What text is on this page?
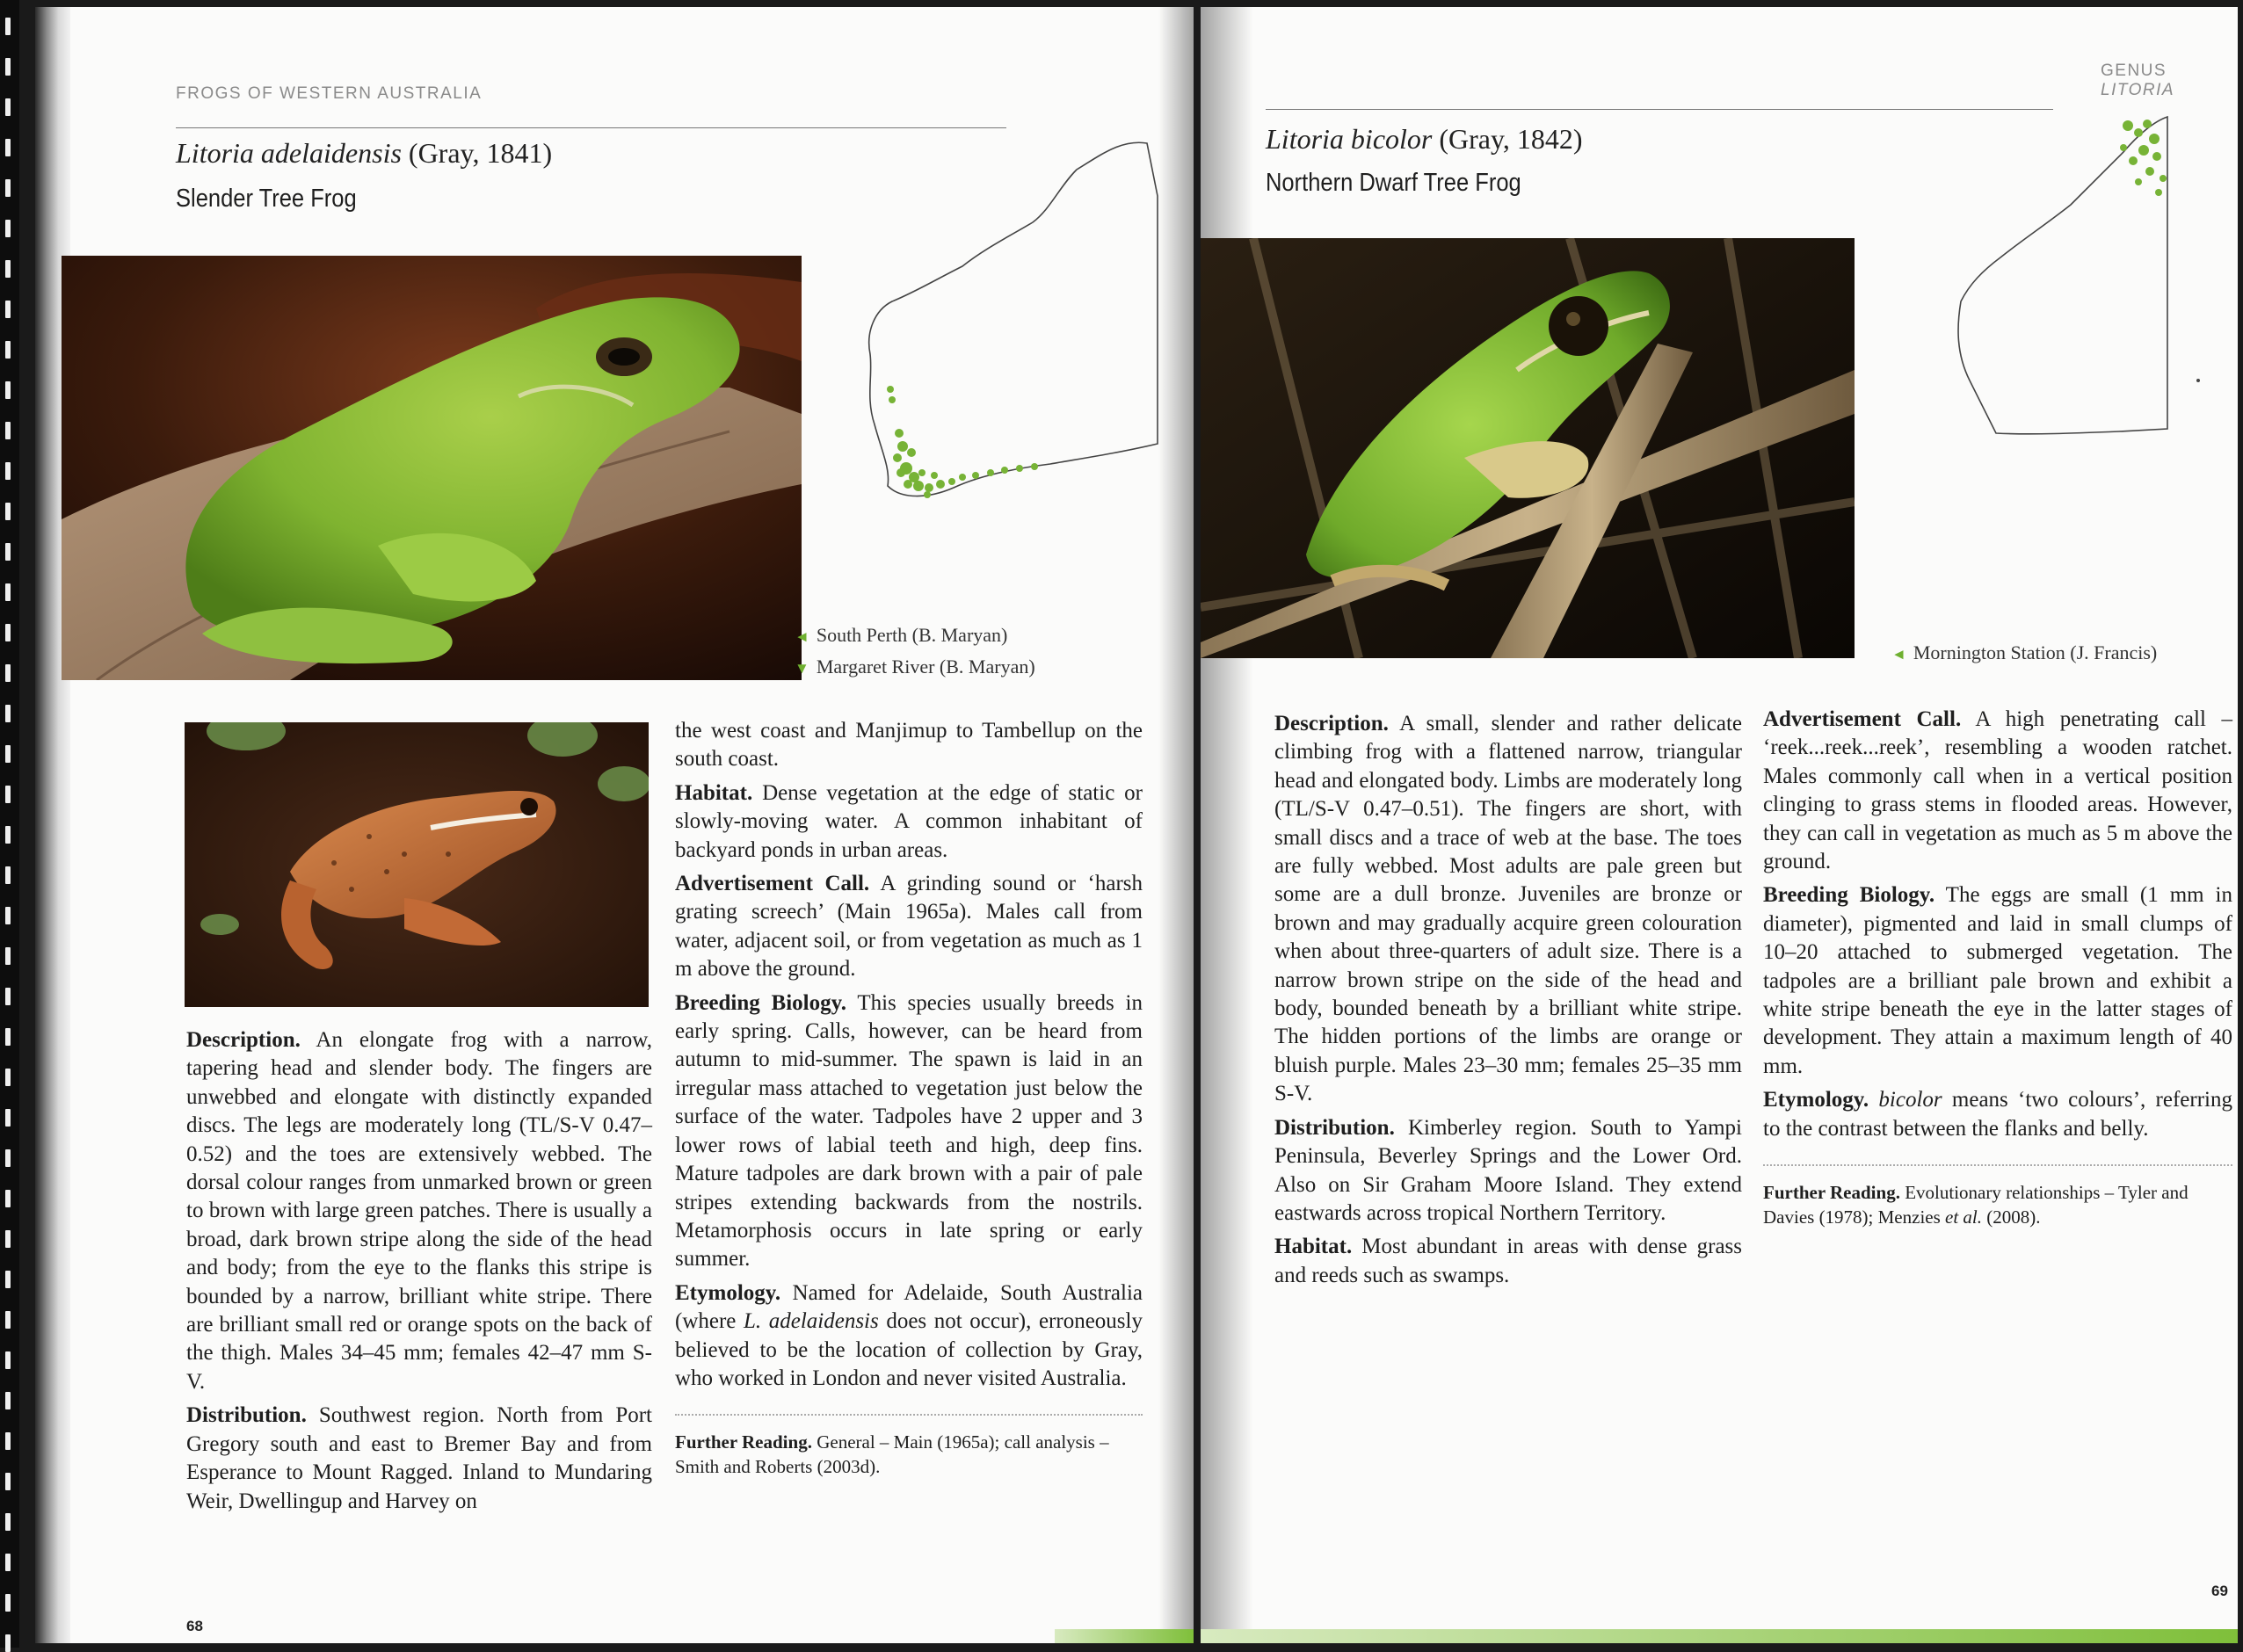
FROGS OF WESTERN AUSTRALIA
Litoria adelaidensis (Gray, 1841)
Slender Tree Frog
◄ South Perth (B. Maryan)
▼ Margaret River (B. Maryan)

Description. An elongate frog with a narrow, tapering head and slender body. The fingers are unwebbed and elongate with distinctly expanded discs. The legs are moderately long (TL/S-V 0.47–0.52) and the toes are extensively webbed. The dorsal colour ranges from unmarked brown or green to brown with large green patches. There is usually a broad, dark brown stripe along the side of the head and body; from the eye to the flanks this stripe is bounded by a narrow, brilliant white stripe. There are brilliant small red or orange spots on the back of the thigh. Males 34–45 mm; females 42–47 mm S-V.

Distribution. Southwest region. North from Port Gregory south and east to Bremer Bay and from Esperance to Mount Ragged. Inland to Mundaring Weir, Dwellingup and Harvey on

the west coast and Manjimup to Tambellup on the south coast.

Habitat. Dense vegetation at the edge of static or slowly-moving water. A common inhabitant of backyard ponds in urban areas.

Advertisement Call. A grinding sound or ‘harsh grating screech’ (Main 1965a). Males call from water, adjacent soil, or from vegetation as much as 1 m above the ground.

Breeding Biology. This species usually breeds in early spring. Calls, however, can be heard from autumn to mid-summer. The spawn is laid in an irregular mass attached to vegetation just below the surface of the water. Tadpoles have 2 upper and 3 lower rows of labial teeth and high, deep fins. Mature tadpoles are dark brown with a pair of pale stripes extending backwards from the nostrils. Metamorphosis occurs in late spring or early summer.

Etymology. Named for Adelaide, South Australia (where L. adelaidensis does not occur), erroneously believed to be the location of collection by Gray, who worked in London and never visited Australia.

Further Reading. General – Main (1965a); call analysis – Smith and Roberts (2003d).

68
GENUS LITORIA
Litoria bicolor (Gray, 1842)
Northern Dwarf Tree Frog
◄ Mornington Station (J. Francis)

Description. A small, slender and rather delicate climbing frog with a flattened narrow, triangular head and elongated body. Limbs are moderately long (TL/S-V 0.47–0.51). The fingers are short, with small discs and a trace of web at the base. The toes are fully webbed. Most adults are pale green but some are a dull bronze. Juveniles are bronze or brown and may gradually acquire green colouration when about three-quarters of adult size. There is a narrow brown stripe on the side of the head and body, bounded beneath by a brilliant white stripe. The hidden portions of the limbs are orange or bluish purple. Males 23–30 mm; females 25–35 mm S-V.

Distribution. Kimberley region. South to Yampi Peninsula, Beverley Springs and the Lower Ord. Also on Sir Graham Moore Island. They extend eastwards across tropical Northern Territory.

Habitat. Most abundant in areas with dense grass and reeds such as swamps.

Advertisement Call. A high penetrating call – ‘reek...reek...reek’, resembling a wooden ratchet. Males commonly call when in a vertical position clinging to grass stems in flooded areas. However, they can call in vegetation as much as 5 m above the ground.

Breeding Biology. The eggs are small (1 mm in diameter), pigmented and laid in small clumps of 10–20 attached to submerged vegetation. The tadpoles are a brilliant pale brown and exhibit a white stripe beneath the eye in the latter stages of development. They attain a maximum length of 40 mm.

Etymology. bicolor means ‘two colours’, referring to the contrast between the flanks and belly.

Further Reading. Evolutionary relationships – Tyler and Davies (1978); Menzies et al. (2008).

69
